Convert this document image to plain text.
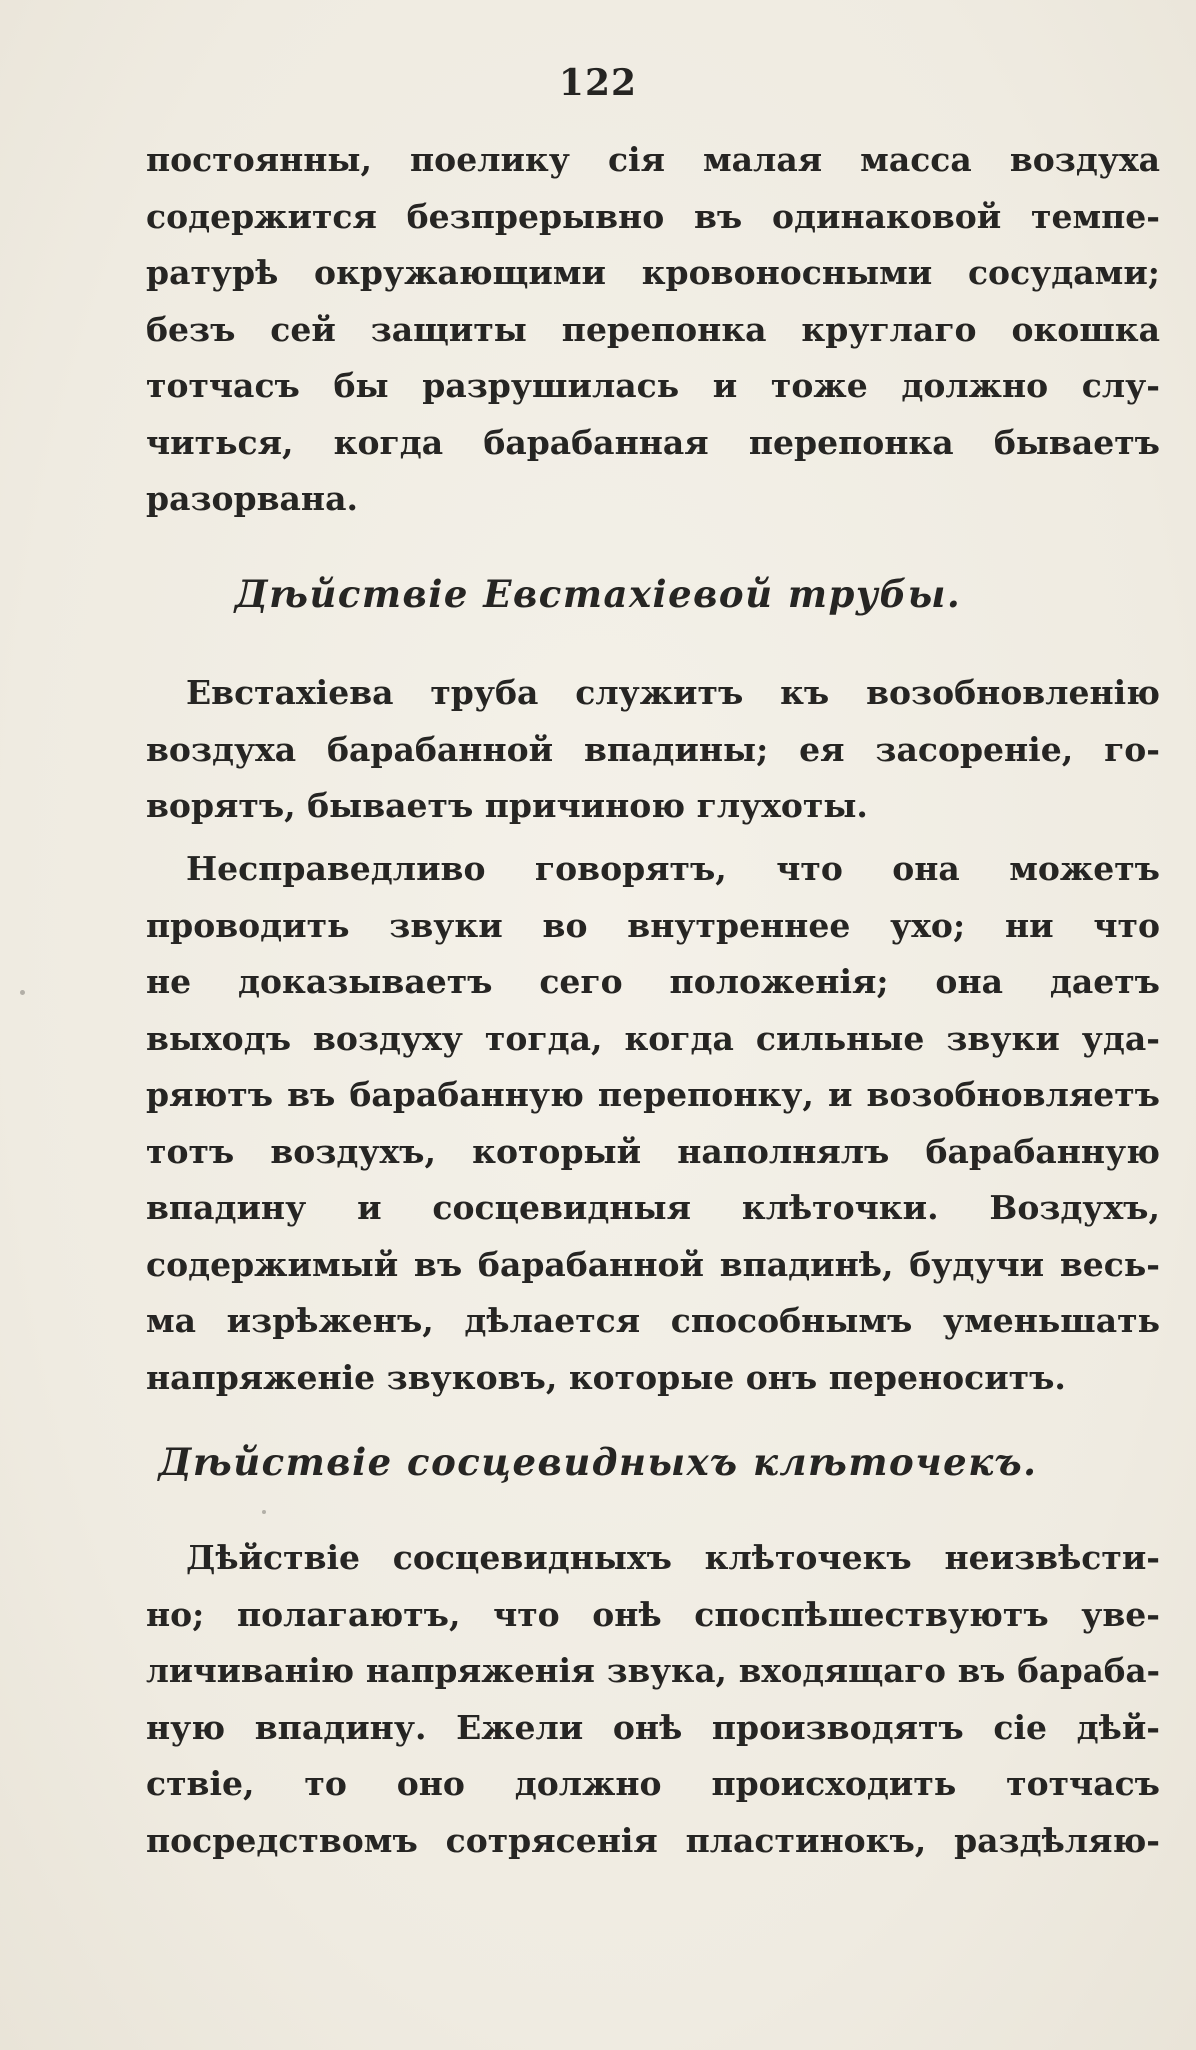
122
постоянны, поелику сія малая масса воздуха
содержится безпрерывно въ одинаковой темпе-
ратурѣ окружающими кровоносными сосудами;
безъ сей защиты перепонка круглаго окошка
тотчасъ бы разрушилась и тоже должно слу-
читься, когда барабанная перепонка бываетъ
разорвана.
Дѣйствіе Евстахіевой трубы.
Евстахіева труба служитъ къ возобновленію
воздуха барабанной впадины; ея засореніе, го-
ворятъ, бываетъ причиною глухоты.
Несправедливо говорятъ, что она можетъ
проводить звуки во внутреннее ухо; ни что
не доказываетъ сего положенія; она даетъ
выходъ воздуху тогда, когда сильные звуки уда-
ряютъ въ барабанную перепонку, и возобновляетъ
тотъ воздухъ, который наполнялъ барабанную
впадину и сосцевидныя клѣточки. Воздухъ,
содержимый въ барабанной впадинѣ, будучи весь-
ма изрѣженъ, дѣлается способнымъ уменьшать
напряженіе звуковъ, которые онъ переноситъ.
Дѣйствіе сосцевидныхъ клѣточекъ.
Дѣйствіе сосцевидныхъ клѣточекъ неизвѣсти-
но; полагаютъ, что онѣ споспѣшествуютъ уве-
личиванію напряженія звука, входящаго въ бараба-
ную впадину. Ежели онѣ производятъ сіе дѣй-
ствіе, то оно должно происходить тотчасъ
посредствомъ сотрясенія пластинокъ, раздѣляю-
